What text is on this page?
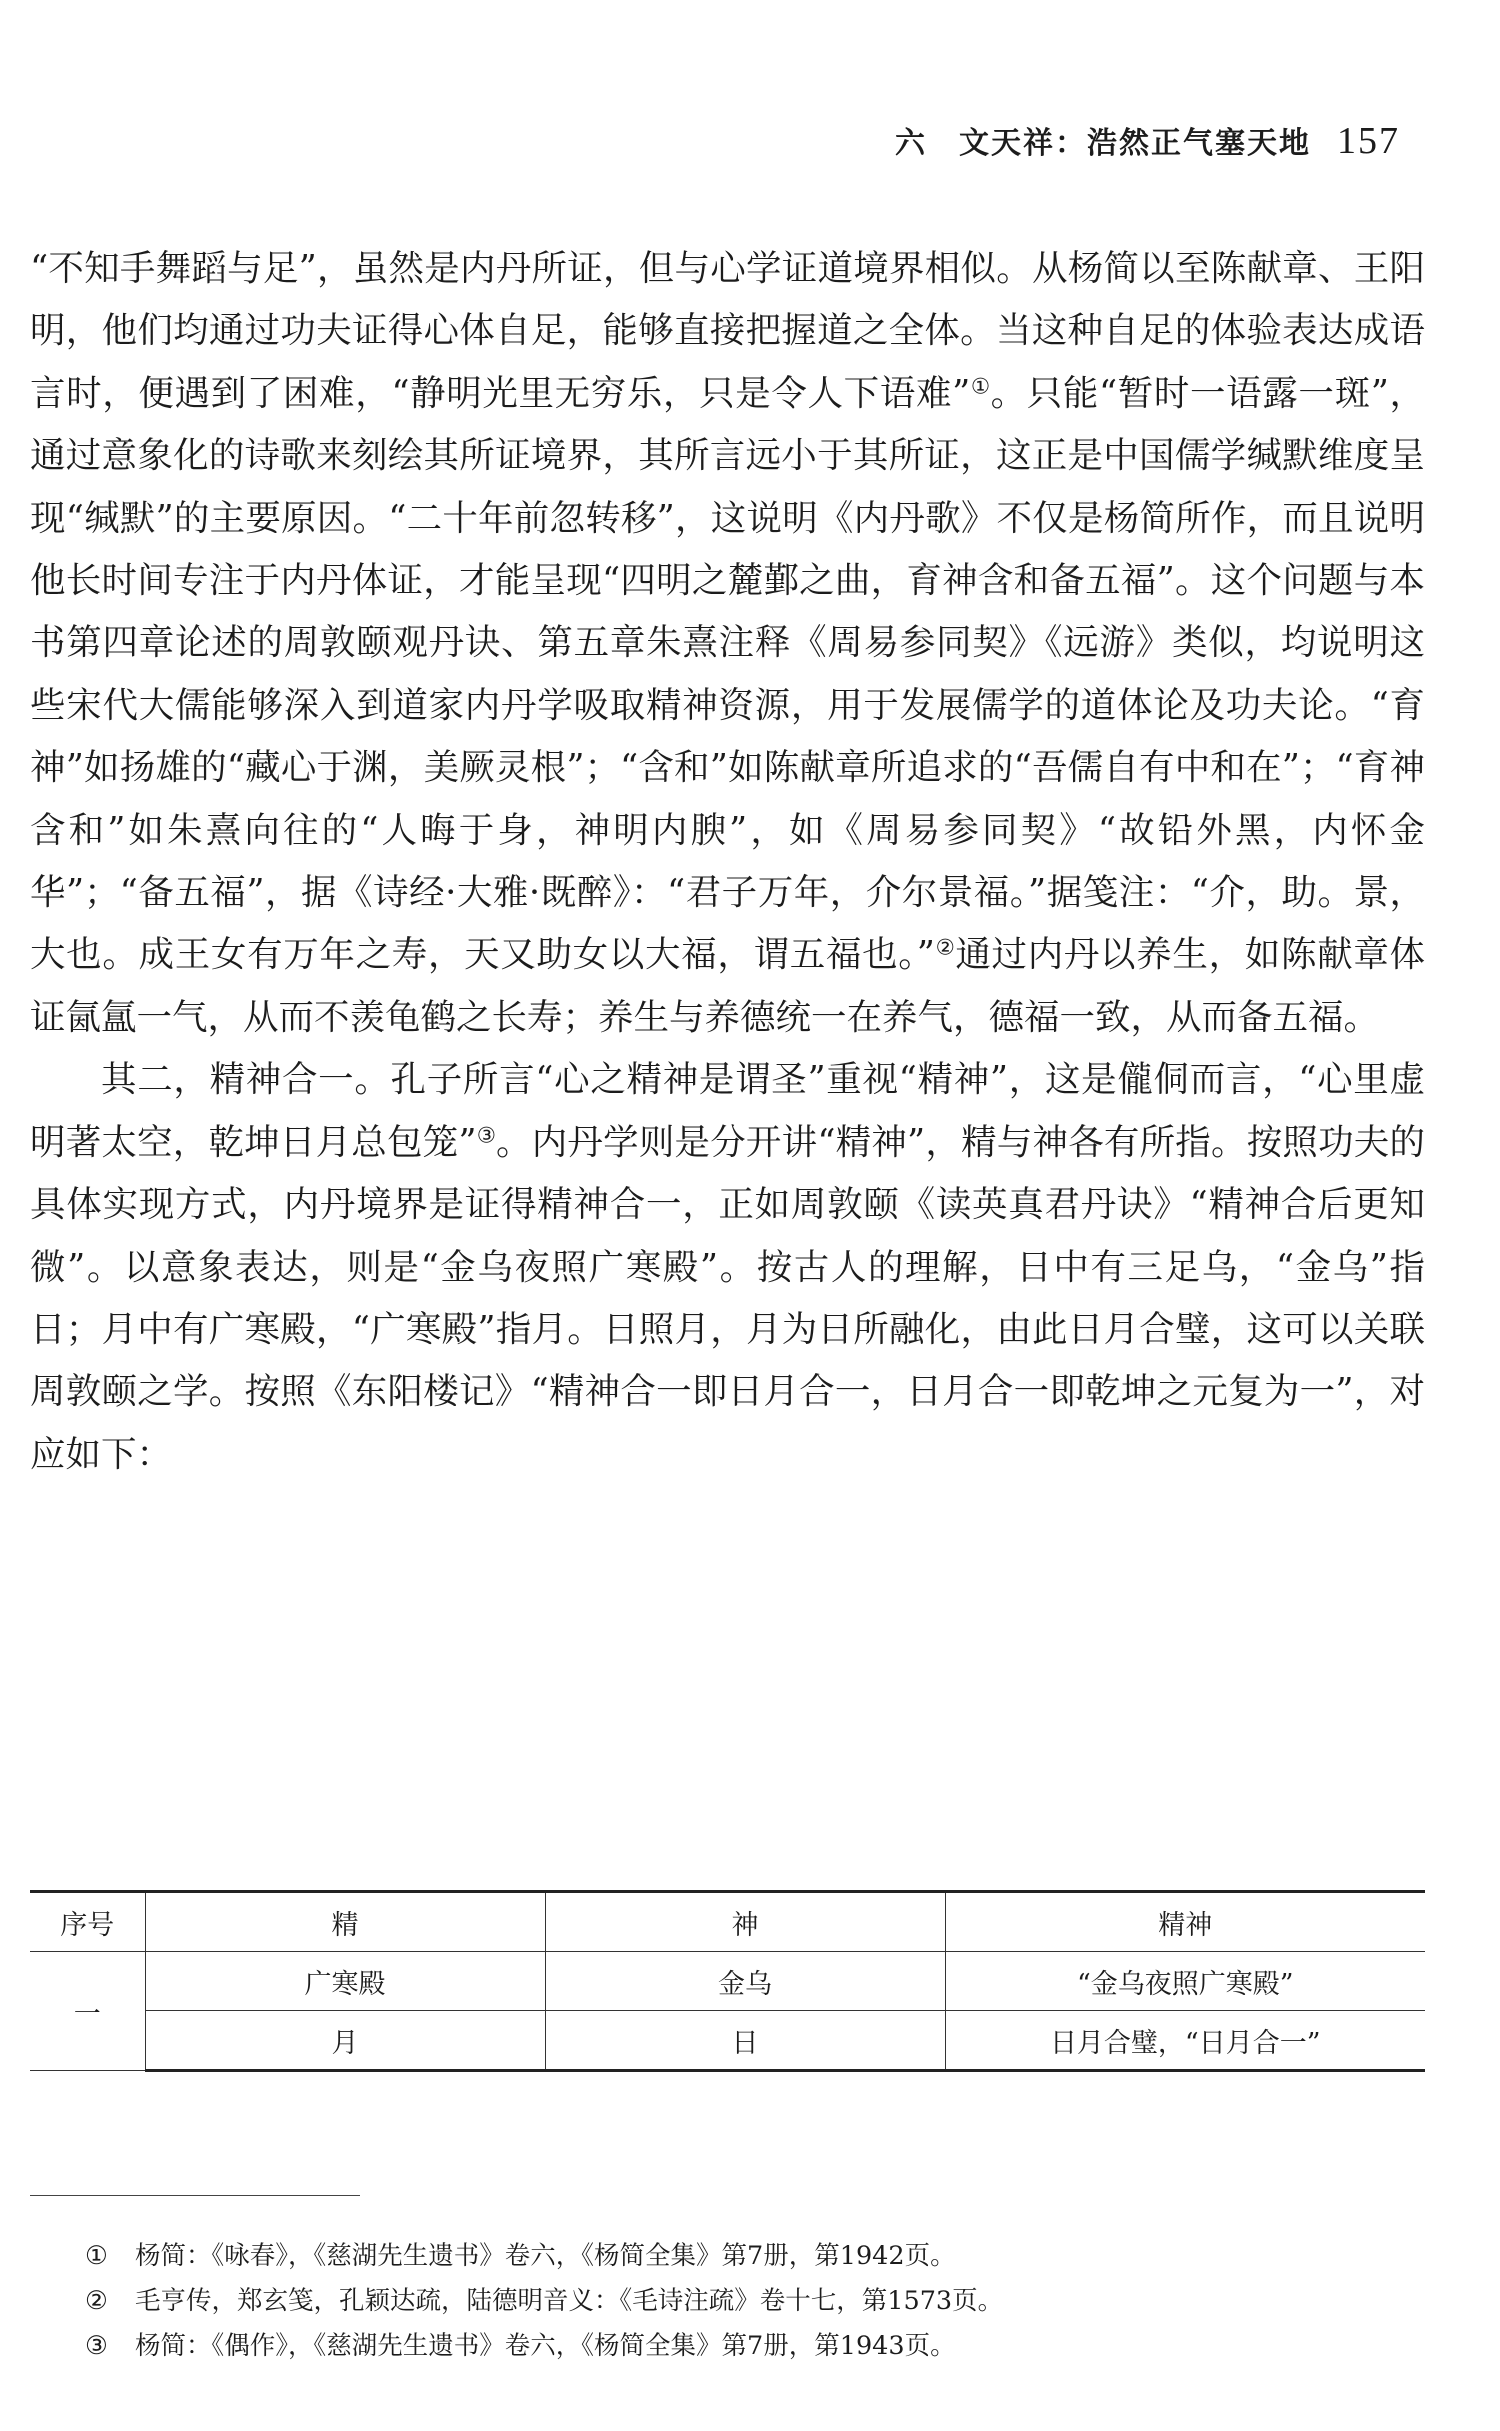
六　文天祥：浩然正气塞天地 157

“不知手舞蹈与足”，虽然是内丹所证，但与心学证道境界相似。从杨简以至陈献章、王阳明，他们均通过功夫证得心体自足，能够直接把握道之全体。当这种自足的体验表达成语言时，便遇到了困难，“静明光里无穷乐，只是令人下语难”①。只能“暂时一语露一斑”，通过意象化的诗歌来刻绘其所证境界，其所言远小于其所证，这正是中国儒学缄默维度呈现“缄默”的主要原因。“二十年前忽转移”，这说明《内丹歌》不仅是杨简所作，而且说明他长时间专注于内丹体证，才能呈现“四明之麓鄞之曲，育神含和备五福”。这个问题与本书第四章论述的周敦颐观丹诀、第五章朱熹注释《周易参同契》《远游》类似，均说明这些宋代大儒能够深入到道家内丹学吸取精神资源，用于发展儒学的道体论及功夫论。“育神”如扬雄的“藏心于渊，美厥灵根”；“含和”如陈献章所追求的“吾儒自有中和在”；“育神含和”如朱熹向往的“人晦于身，神明内腴”，如《周易参同契》“故铅外黑，内怀金华”；“备五福”，据《诗经·大雅·既醉》：“君子万年，介尔景福。”据笺注：“介，助。景，大也。成王女有万年之寿，天又助女以大福，谓五福也。”②通过内丹以养生，如陈献章体证氤氲一气，从而不羡龟鹤之长寿；养生与养德统一在养气，德福一致，从而备五福。

其二，精神合一。孔子所言“心之精神是谓圣”重视“精神”，这是儱侗而言，“心里虚明著太空，乾坤日月总包笼”③。内丹学则是分开讲“精神”，精与神各有所指。按照功夫的具体实现方式，内丹境界是证得精神合一，正如周敦颐《读英真君丹诀》“精神合后更知微”。以意象表达，则是“金乌夜照广寒殿”。按古人的理解，日中有三足乌，“金乌”指日；月中有广寒殿，“广寒殿”指月。日照月，月为日所融化，由此日月合璧，这可以关联周敦颐之学。按照《东阳楼记》“精神合一即日月合一，日月合一即乾坤之元复为一”，对应如下：

序号	精	神	精神
一	广寒殿	金乌	“金乌夜照广寒殿”
	月	日	日月合璧，“日月合一”
①	杨简：《咏春》，《慈湖先生遗书》卷六，《杨简全集》第7册，第1942页。
②	毛亨传，郑玄笺，孔颖达疏，陆德明音义：《毛诗注疏》卷十七，第1573页。
③	杨简：《偶作》，《慈湖先生遗书》卷六，《杨简全集》第7册，第1943页。
